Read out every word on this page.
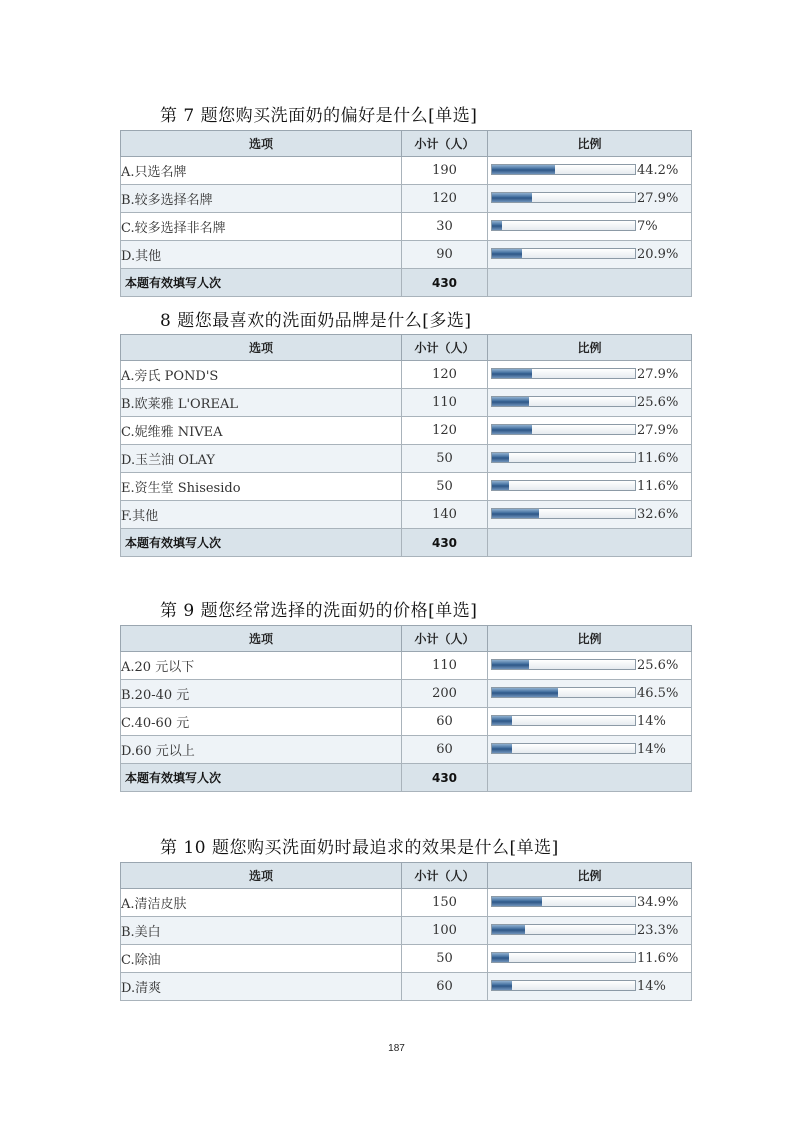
第 7 题您购买洗面奶的偏好是什么[单选]
选项	小计（人）	比例
A.只选名牌	190	44.2%

B.较多选择名牌	120	27.9%

C.较多选择非名牌	30	7%

D.其他	90	20.9%

本题有效填写人次	430	
8 题您最喜欢的洗面奶品牌是什么[多选]
选项	小计（人）	比例
A.旁氏 POND'S	120	27.9%

B.欧莱雅 L'OREAL	110	25.6%

C.妮维雅 NIVEA	120	27.9%

D.玉兰油 OLAY	50	11.6%

E.资生堂 Shisesido	50	11.6%

F.其他	140	32.6%

本题有效填写人次	430	
第 9 题您经常选择的洗面奶的价格[单选]
选项	小计（人）	比例
A.20 元以下	110	25.6%

B.20-40 元	200	46.5%

C.40-60 元	60	14%

D.60 元以上	60	14%

本题有效填写人次	430	
第 10 题您购买洗面奶时最追求的效果是什么[单选]
选项	小计（人）	比例
A.清洁皮肤	150	34.9%

B.美白	100	23.3%

C.除油	50	11.6%

D.清爽	60	14%
187
